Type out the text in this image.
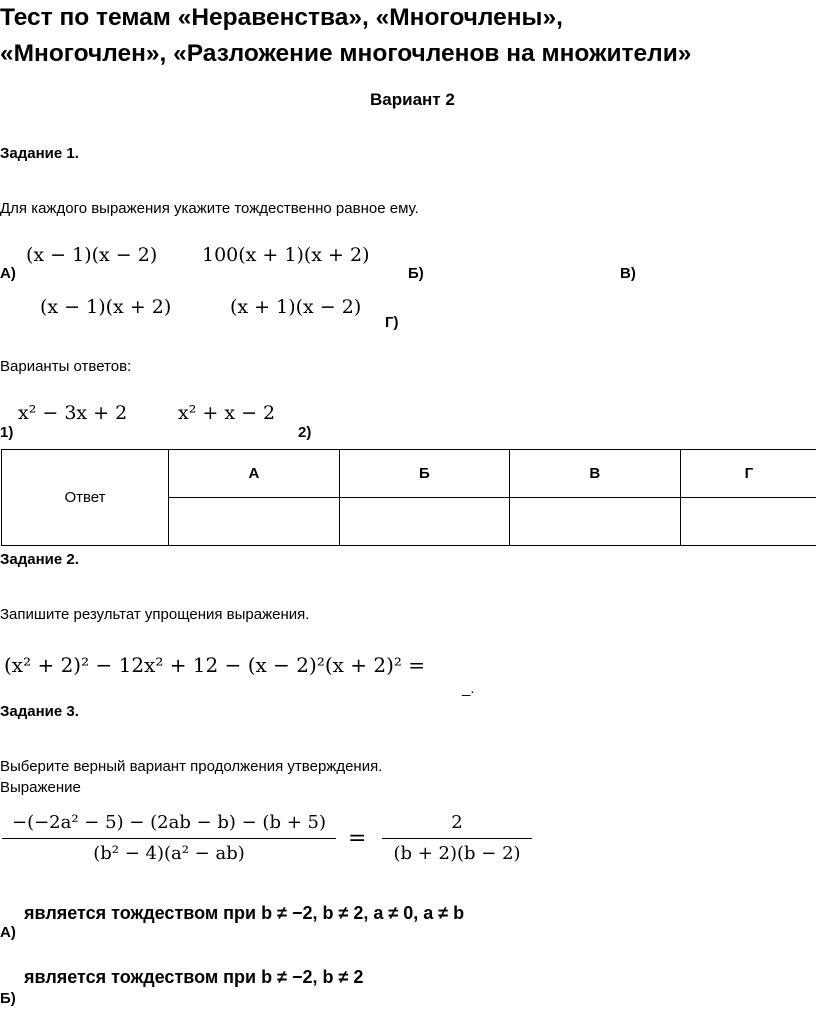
Тест по темам «Неравенства», «Многочлены»,
«Многочлен», «Разложение многочленов на множители»
Вариант 2
Задание 1.
Для каждого выражения укажите тождественно равное ему.
(x − 1)(x − 2) 100(x + 1)(x + 2)
А)	Б)	В)
(x − 1)(x + 2)	(x + 1)(x − 2)
Г)
Варианты ответов:
x² − 3x + 2	x² + x − 2
1)	2)
Ответ	А	Б	В	Г

Задание 2.
Запишите результат упрощения выражения.
(x² + 2)² − 12x² + 12 − (x − 2)²(x + 2)² =
_.
Задание 3.
Выберите верный вариант продолжения утверждения.
Выражение
$\frac{\text{−(−2a² − 5) − (2ab − b) − (b + 5)}}{\text{(b² − 4)(a² − ab)}} = \frac{2}{(b + 2)(b - 2)}$
является тождеством при b ≠ −2, b ≠ 2, a ≠ 0, a ≠ b
А)
является тождеством при b ≠ −2, b ≠ 2
Б)
